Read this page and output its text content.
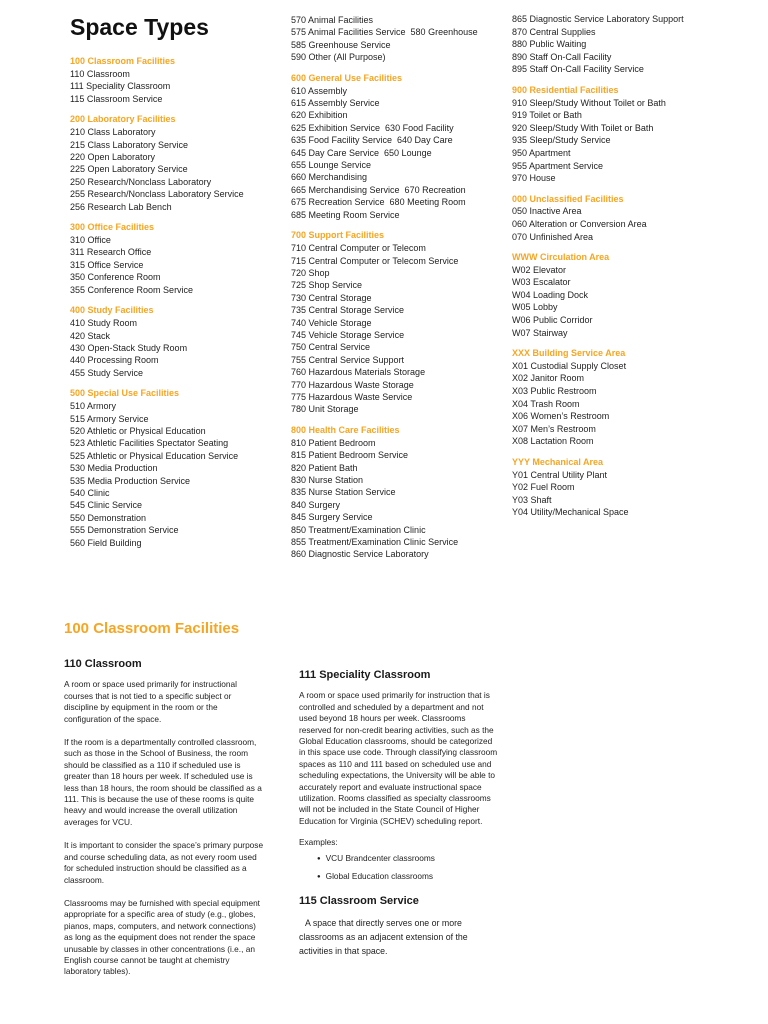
Space Types
100 Classroom Facilities
110 Classroom
111 Speciality Classroom
115 Classroom Service
200 Laboratory Facilities
210 Class Laboratory
215 Class Laboratory Service
220 Open Laboratory
225 Open Laboratory Service
250 Research/Nonclass Laboratory
255 Research/Nonclass Laboratory Service
256 Research Lab Bench
300 Office Facilities
310 Office
311 Research Office
315 Office Service
350 Conference Room
355 Conference Room Service
400 Study Facilities
410 Study Room
420 Stack
430 Open-Stack Study Room
440 Processing Room
455 Study Service
500 Special Use Facilities
510 Armory
515 Armory Service
520 Athletic or Physical Education
523 Athletic Facilities Spectator Seating
525 Athletic or Physical Education Service
530 Media Production
535 Media Production Service
540 Clinic
545 Clinic Service
550 Demonstration
555 Demonstration Service
560 Field Building
570 Animal Facilities
575 Animal Facilities Service  580 Greenhouse
585 Greenhouse Service
590 Other (All Purpose)
600 General Use Facilities
610 Assembly
615 Assembly Service
620 Exhibition
625 Exhibition Service  630 Food Facility
635 Food Facility Service  640 Day Care
645 Day Care Service  650 Lounge
655 Lounge Service
660 Merchandising
665 Merchandising Service  670 Recreation
675 Recreation Service  680 Meeting Room
685 Meeting Room Service
700 Support Facilities
710 Central Computer or Telecom
715 Central Computer or Telecom Service
720 Shop
725 Shop Service
730 Central Storage
735 Central Storage Service
740 Vehicle Storage
745 Vehicle Storage Service
750 Central Service
755 Central Service Support
760 Hazardous Materials Storage
770 Hazardous Waste Storage
775 Hazardous Waste Service
780 Unit Storage
800 Health Care Facilities
810 Patient Bedroom
815 Patient Bedroom Service
820 Patient Bath
830 Nurse Station
835 Nurse Station Service
840 Surgery
845 Surgery Service
850 Treatment/Examination Clinic
855 Treatment/Examination Clinic Service
860 Diagnostic Service Laboratory
865 Diagnostic Service Laboratory Support
870 Central Supplies
880 Public Waiting
890 Staff On-Call Facility
895 Staff On-Call Facility Service
900 Residential Facilities
910 Sleep/Study Without Toilet or Bath
919 Toilet or Bath
920 Sleep/Study With Toilet or Bath
935 Sleep/Study Service
950 Apartment
955 Apartment Service
970 House
000 Unclassified Facilities
050 Inactive Area
060 Alteration or Conversion Area
070 Unfinished Area
WWW Circulation Area
W02 Elevator
W03 Escalator
W04 Loading Dock
W05 Lobby
W06 Public Corridor
W07 Stairway
XXX Building Service Area
X01 Custodial Supply Closet
X02 Janitor Room
X03 Public Restroom
X04 Trash Room
X06 Women’s Restroom
X07 Men’s Restroom
X08 Lactation Room
YYY Mechanical Area
Y01 Central Utility Plant
Y02 Fuel Room
Y03 Shaft
Y04 Utility/Mechanical Space
100 Classroom Facilities
110 Classroom

A room or space used primarily for instructional courses that is not tied to a specific subject or discipline by equipment in the room or the configuration of the space.

If the room is a departmentally controlled classroom, such as those in the School of Business, the room should be classified as a 110 if scheduled use is greater than 18 hours per week. If scheduled use is less than 18 hours, the room should be classified as a 111. This is because the use of these rooms is quite heavy and would increase the overall utilization averages for VCU.

It is important to consider the space’s primary purpose and course scheduling data, as not every room used for scheduled instruction should be classified as a classroom.

Classrooms may be furnished with special equipment appropriate for a specific area of study (e.g., globes, pianos, maps, computers, and network connections) as long as the equipment does not render the space unusable by classes in other concentrations (i.e., an English course cannot be taught at chemistry laboratory tables).

111 Speciality Classroom

A room or space used primarily for instruction that is controlled and scheduled by a department and not used beyond 18 hours per week. Classrooms reserved for non-credit bearing activities, such as the Global Education classrooms, should be categorized in this space use code. Through classifying classroom spaces as 110 and 111 based on scheduled use and scheduling expectations, the University will be able to accurately report and evaluate instructional space utilization. Rooms classified as specialty classrooms will not be included in the State Council of Higher Education for Virginia (SCHEV) scheduling report.

Examples:

● VCU Brandcenter classrooms
● Global Education classrooms
115 Classroom Service

A space that directly serves one or more classrooms as an adjacent extension of the activities in that space.
